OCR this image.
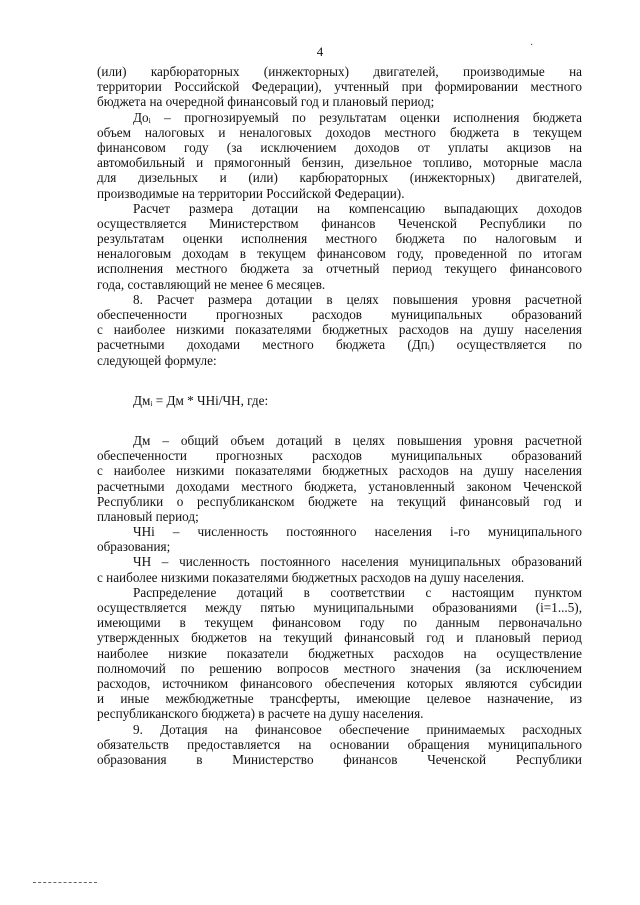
4	·
(или) карбюраторных (инжекторных) двигателей, производимые на
территории Российской Федерации), учтенный при формировании местного
бюджета на очередной финансовый год и плановый период;
Доᵢ – прогнозируемый по результатам оценки исполнения бюджета
объем налоговых и неналоговых доходов местного бюджета в текущем
финансовом году (за исключением доходов от уплаты акцизов на
автомобильный и прямогонный бензин, дизельное топливо, моторные масла
для дизельных и (или) карбюраторных (инжекторных) двигателей,
производимые на территории Российской Федерации).
Расчет размера дотации на компенсацию выпадающих доходов
осуществляется Министерством финансов Чеченской Республики по
результатам оценки исполнения местного бюджета по налоговым и
неналоговым доходам в текущем финансовом году, проведенной по итогам
исполнения местного бюджета за отчетный период текущего финансового
года, составляющий не менее 6 месяцев.
8. Расчет размера дотации в целях повышения уровня расчетной
обеспеченности прогнозных расходов муниципальных образований
с наиболее низкими показателями бюджетных расходов на душу населения
расчетными доходами местного бюджета (Дпᵢ) осуществляется по
следующей формуле:
Дмᵢ = Дм * ЧНi/ЧН, где:
Дм – общий объем дотаций в целях повышения уровня расчетной
обеспеченности прогнозных расходов муниципальных образований
с наиболее низкими показателями бюджетных расходов на душу населения
расчетными доходами местного бюджета, установленный законом Чеченской
Республики о республиканском бюджете на текущий финансовый год и
плановый период;
ЧНi – численность постоянного населения i-го муниципального
образования;
ЧН – численность постоянного населения муниципальных образований
с наиболее низкими показателями бюджетных расходов на душу населения.
Распределение дотаций в соответствии с настоящим пунктом
осуществляется между пятью муниципальными образованиями (i=1...5),
имеющими в текущем финансовом году по данным первоначально
утвержденных бюджетов на текущий финансовый год и плановый период
наиболее низкие показатели бюджетных расходов на осуществление
полномочий по решению вопросов местного значения (за исключением
расходов, источником финансового обеспечения которых являются субсидии
и иные межбюджетные трансферты, имеющие целевое назначение, из
республиканского бюджета) в расчете на душу населения.
9. Дотация на финансовое обеспечение принимаемых расходных
обязательств предоставляется на основании обращения муниципального
образования в Министерство финансов Чеченской Республики
